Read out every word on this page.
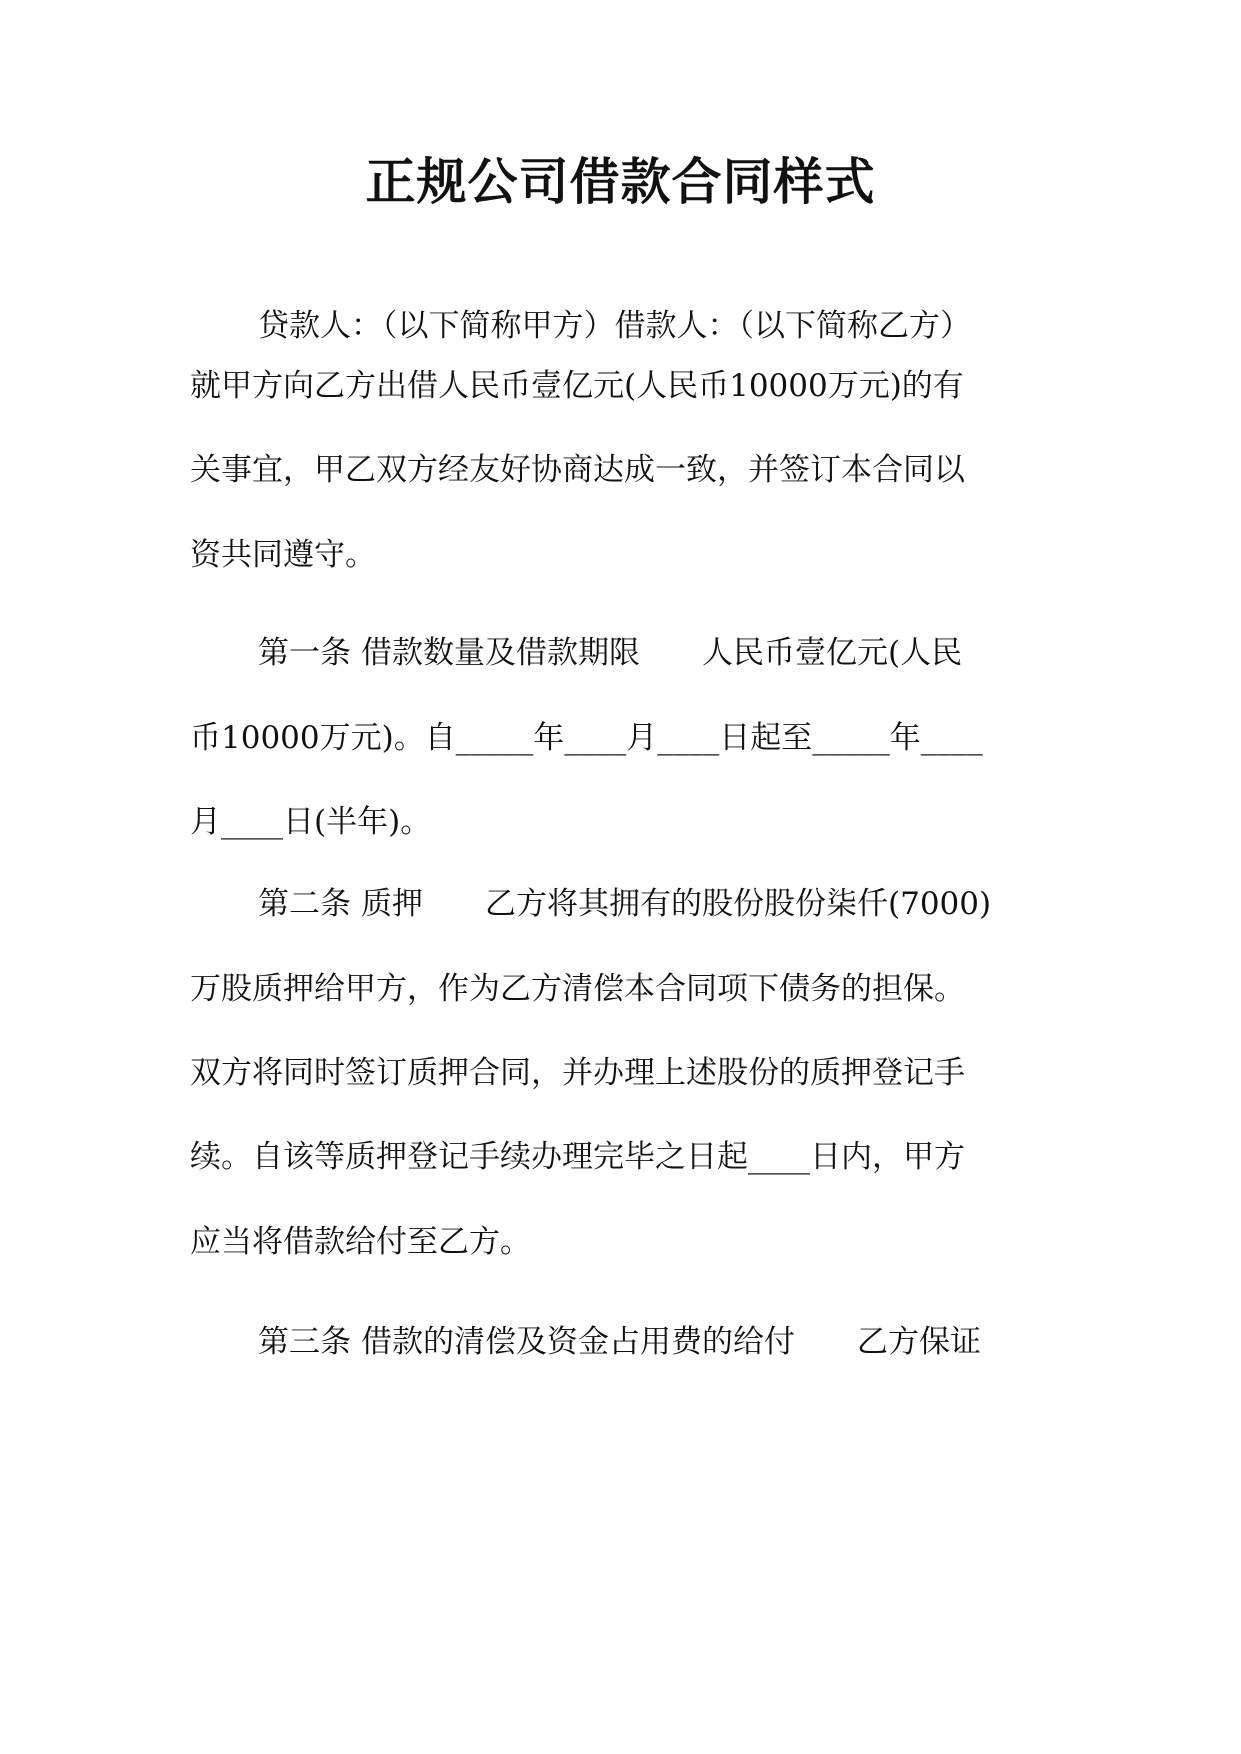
正规公司借款合同样式
贷款人：（以下简称甲方）借款人：（以下简称乙方）
就甲方向乙方出借人民币壹亿元(人民币10000万元)的有
关事宜，甲乙双方经友好协商达成一致，并签订本合同以
资共同遵守。
第一条 借款数量及借款期限 人民币壹亿元(人民
币10000万元)。自_____年____月____日起至_____年____
月____日(半年)。
第二条 质押 乙方将其拥有的股份股份柒仟(7000)
万股质押给甲方，作为乙方清偿本合同项下债务的担保。
双方将同时签订质押合同，并办理上述股份的质押登记手
续。自该等质押登记手续办理完毕之日起____日内，甲方
应当将借款给付至乙方。
第三条 借款的清偿及资金占用费的给付 乙方保证
